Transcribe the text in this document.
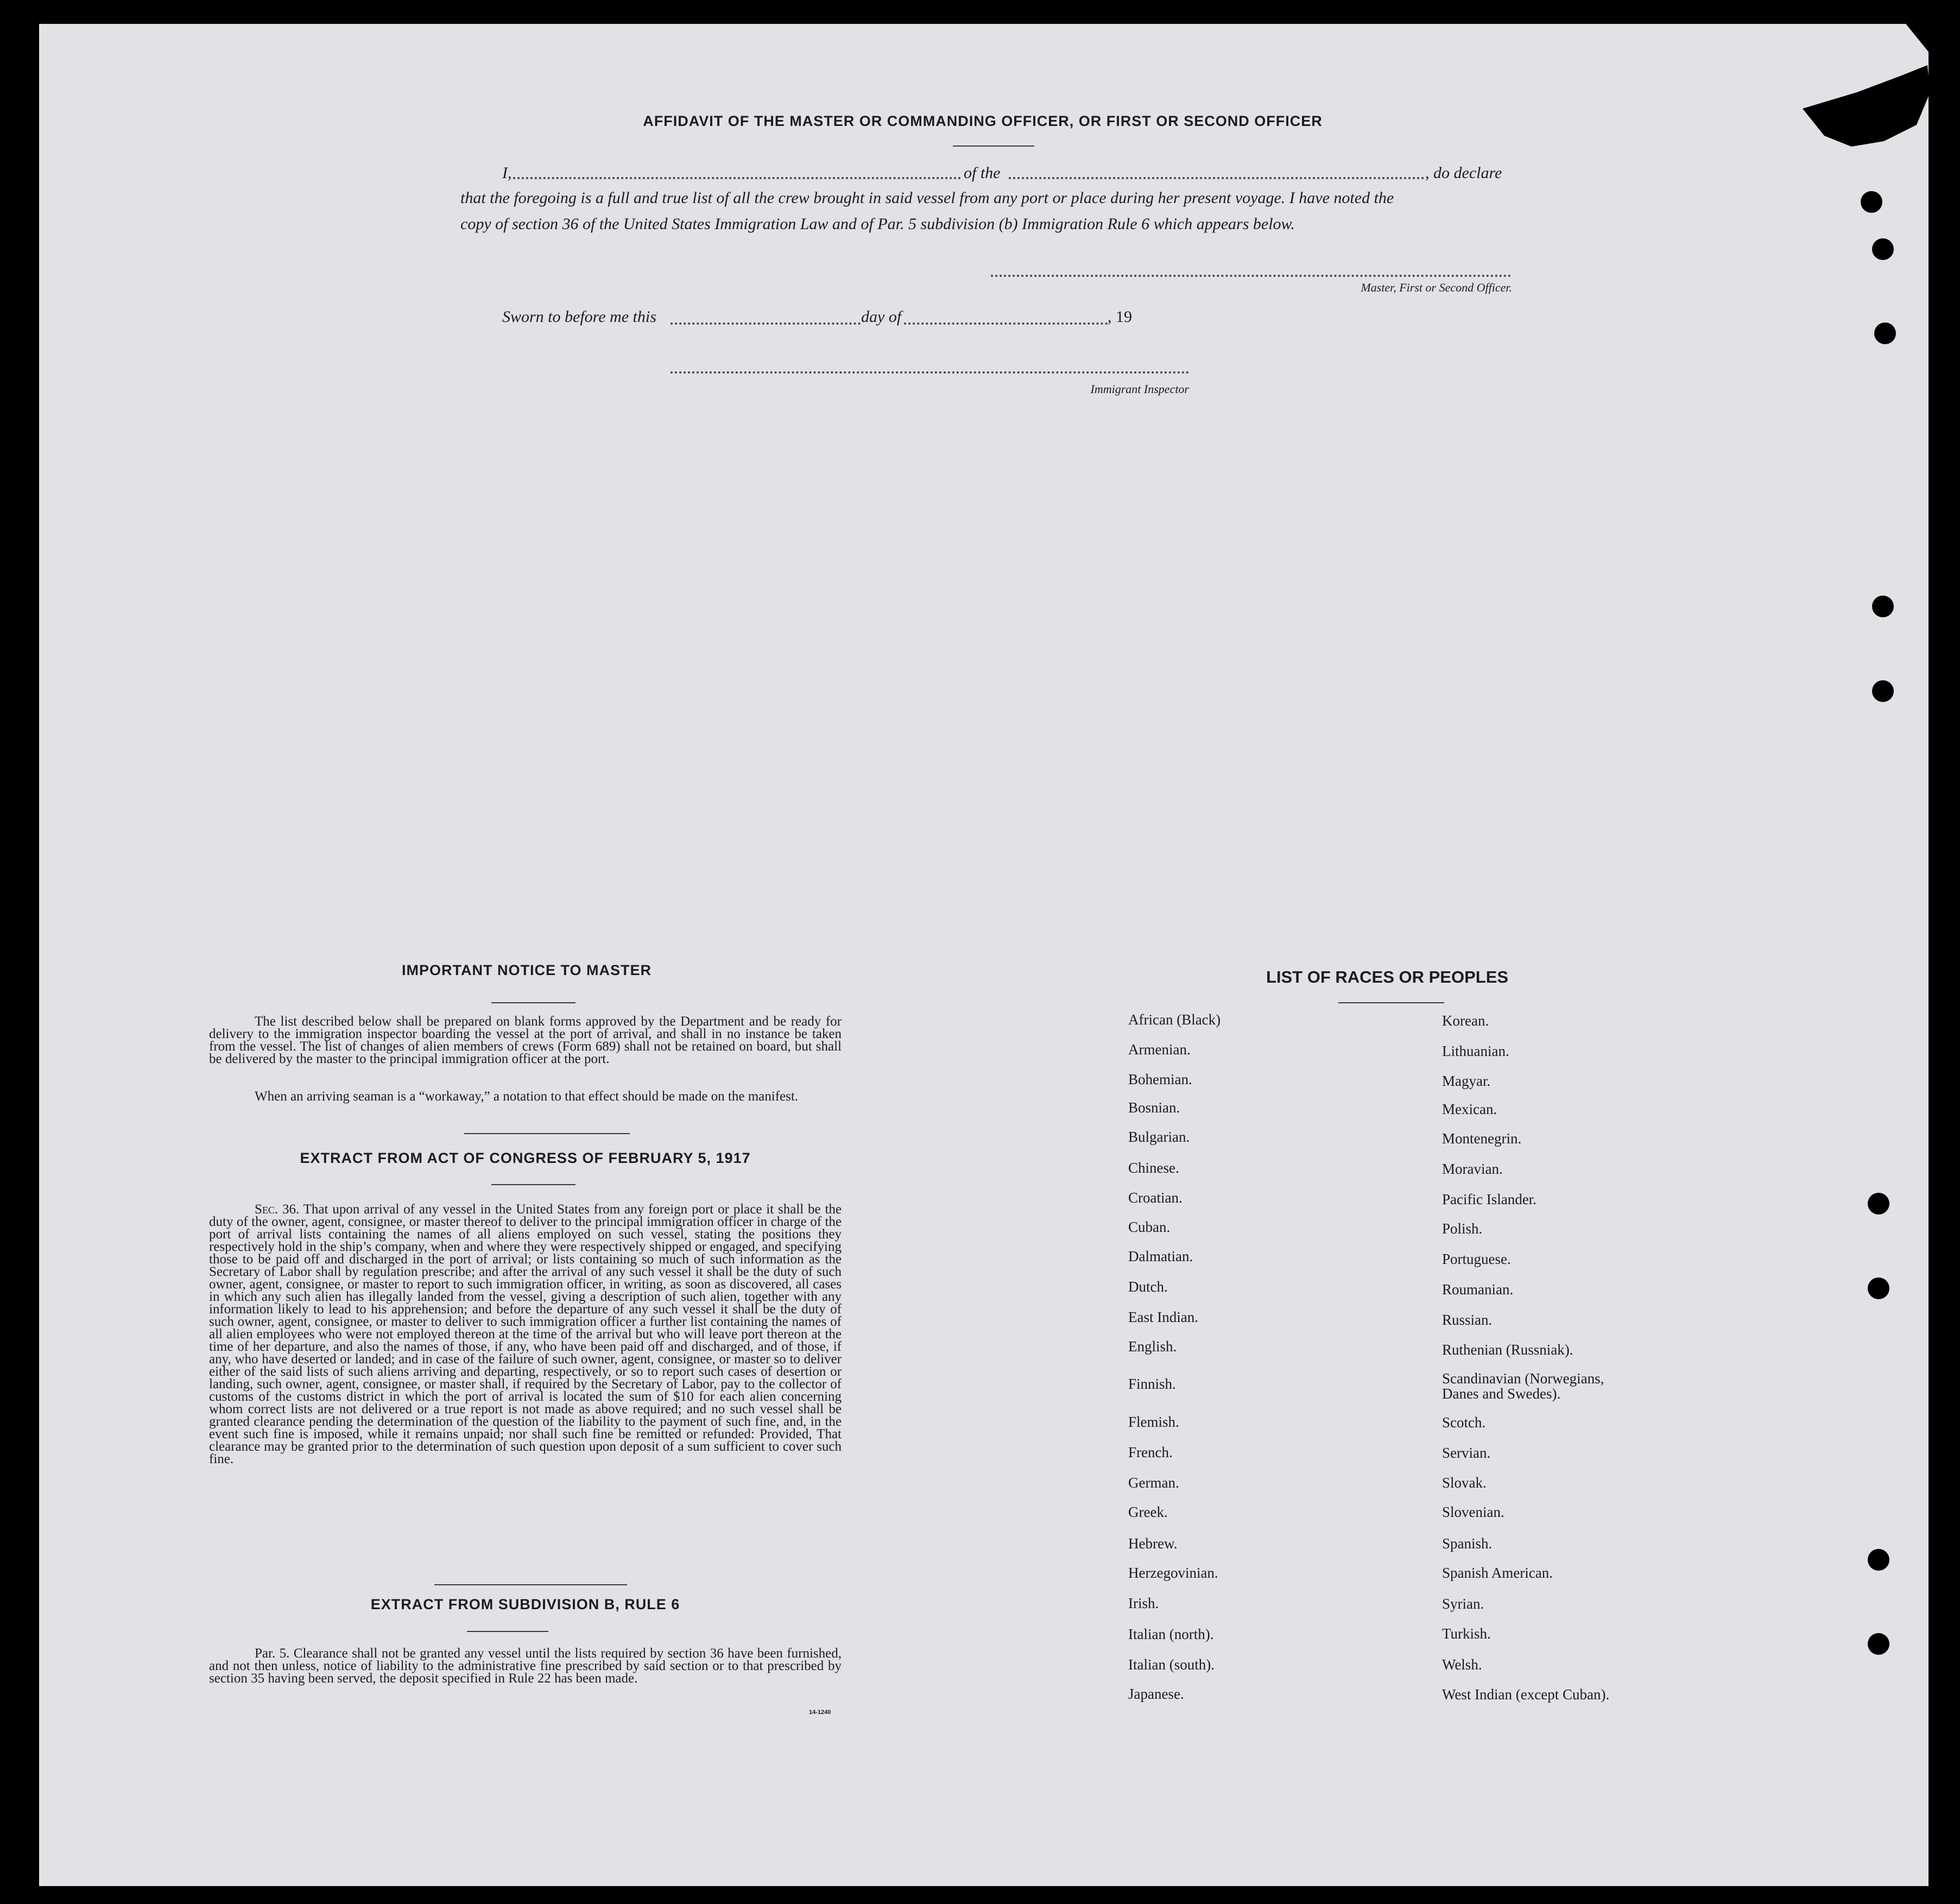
AFFIDAVIT OF THE MASTER OR COMMANDING OFFICER, OR FIRST OR SECOND OFFICER
I,	of the	, do declare
that the foregoing is a full and true list of all the crew brought in said vessel from any port or place during her present voyage. I have noted the
copy of section 36 of the United States Immigration Law and of Par. 5 subdivision (b) Immigration Rule 6 which appears below.
Master, First or Second Officer.
Sworn to before me this	day of	, 19
Immigrant Inspector
IMPORTANT NOTICE TO MASTER
The list described below shall be prepared on blank forms approved by the Department and be ready for delivery to the immigration inspector boarding the vessel at the port of arrival, and shall in no instance be taken from the vessel. The list of changes of alien members of crews (Form 689) shall not be retained on board, but shall be delivered by the master to the principal immigration officer at the port.
When an arriving seaman is a “workaway,” a notation to that effect should be made on the manifest.
EXTRACT FROM ACT OF CONGRESS OF FEBRUARY 5, 1917
Sec. 36. That upon arrival of any vessel in the United States from any foreign port or place it shall be the duty of the owner, agent, consignee, or master thereof to deliver to the principal immigration officer in charge of the port of arrival lists containing the names of all aliens employed on such vessel, stating the positions they respectively hold in the ship’s company, when and where they were respectively shipped or engaged, and specifying those to be paid off and discharged in the port of arrival; or lists containing so much of such information as the Secretary of Labor shall by regulation prescribe; and after the arrival of any such vessel it shall be the duty of such owner, agent, consignee, or master to report to such immigration officer, in writing, as soon as discovered, all cases in which any such alien has illegally landed from the vessel, giving a description of such alien, together with any information likely to lead to his apprehension; and before the departure of any such vessel it shall be the duty of such owner, agent, consignee, or master to deliver to such immigration officer a further list containing the names of all alien employees who were not employed thereon at the time of the arrival but who will leave port thereon at the time of her departure, and also the names of those, if any, who have been paid off and discharged, and of those, if any, who have deserted or landed; and in case of the failure of such owner, agent, consignee, or master so to deliver either of the said lists of such aliens arriving and departing, respectively, or so to report such cases of desertion or landing, such owner, agent, consignee, or master shall, if required by the Secretary of Labor, pay to the collector of customs of the customs district in which the port of arrival is located the sum of $10 for each alien concerning whom correct lists are not delivered or a true report is not made as above required; and no such vessel shall be granted clearance pending the determination of the question of the liability to the payment of such fine, and, in the event such fine is imposed, while it remains unpaid; nor shall such fine be remitted or refunded: Provided, That clearance may be granted prior to the determination of such question upon deposit of a sum sufficient to cover such fine.
EXTRACT FROM SUBDIVISION B, RULE 6
Par. 5. Clearance shall not be granted any vessel until the lists required by section 36 have been furnished, and not then unless, notice of liability to the administrative fine prescribed by said section or to that prescribed by section 35 having been served, the deposit specified in Rule 22 has been made.
14-1240
LIST OF RACES OR PEOPLES
African (Black)
Armenian.
Bohemian.
Bosnian.
Bulgarian.
Chinese.
Croatian.
Cuban.
Dalmatian.
Dutch.
East Indian.
English.
Finnish.
Flemish.
French.
German.
Greek.
Hebrew.
Herzegovinian.
Irish.
Italian (north).
Italian (south).
Japanese.
Korean.
Lithuanian.
Magyar.
Mexican.
Montenegrin.
Moravian.
Pacific Islander.
Polish.
Portuguese.
Roumanian.
Russian.
Ruthenian (Russniak).
Scandinavian (Norwegians,
Danes and Swedes).
Scotch.
Servian.
Slovak.
Slovenian.
Spanish.
Spanish American.
Syrian.
Turkish.
Welsh.
West Indian (except Cuban).
